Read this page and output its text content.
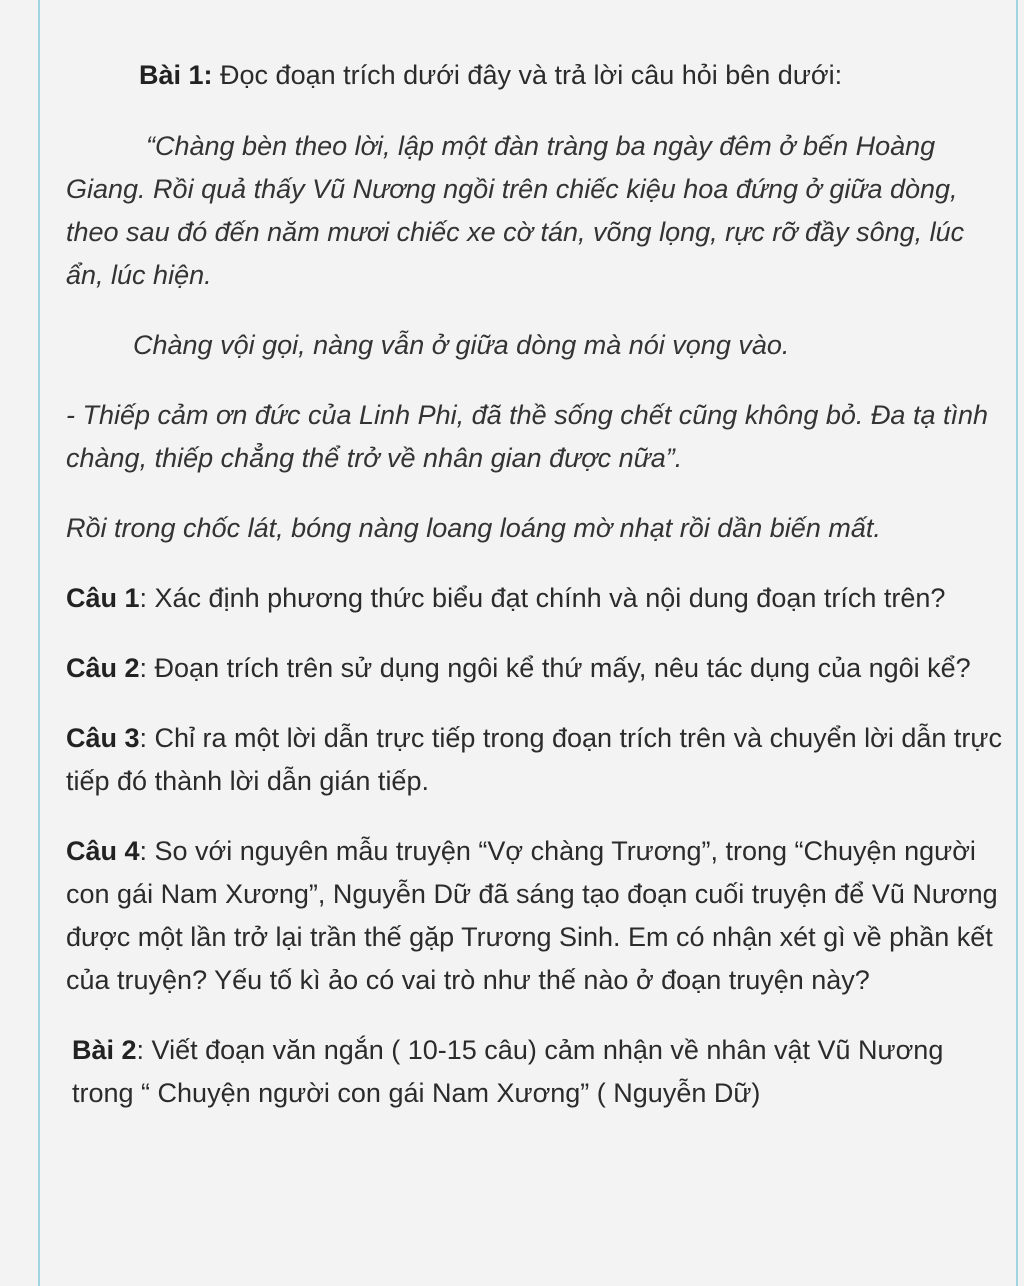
Bài 1: Đọc đoạn trích dưới đây và trả lời câu hỏi bên dưới:

“Chàng bèn theo lời, lập một đàn tràng ba ngày đêm ở bến Hoàng Giang. Rồi quả thấy Vũ Nương ngồi trên chiếc kiệu hoa đứng ở giữa dòng, theo sau đó đến năm mươi chiếc xe cờ tán, võng lọng, rực rỡ đầy sông, lúc ẩn, lúc hiện.

Chàng vội gọi, nàng vẫn ở giữa dòng mà nói vọng vào.

- Thiếp cảm ơn đức của Linh Phi, đã thề sống chết cũng không bỏ. Đa tạ tình chàng, thiếp chẳng thể trở về nhân gian được nữa”.

Rồi trong chốc lát, bóng nàng loang loáng mờ nhạt rồi dần biến mất.

Câu 1: Xác định phương thức biểu đạt chính và nội dung đoạn trích trên?

Câu 2: Đoạn trích trên sử dụng ngôi kể thứ mấy, nêu tác dụng của ngôi kể?

Câu 3: Chỉ ra một lời dẫn trực tiếp trong đoạn trích trên và chuyển lời dẫn trực tiếp đó thành lời dẫn gián tiếp.

Câu 4: So với nguyên mẫu truyện “Vợ chàng Trương”, trong “Chuyện người con gái Nam Xương”, Nguyễn Dữ đã sáng tạo đoạn cuối truyện để Vũ Nương được một lần trở lại trần thế gặp Trương Sinh. Em có nhận xét gì về phần kết của truyện? Yếu tố kì ảo có vai trò như thế nào ở đoạn truyện này?

Bài 2: Viết đoạn văn ngắn ( 10-15 câu) cảm nhận về nhân vật Vũ Nương trong “ Chuyện người con gái Nam Xương” ( Nguyễn Dữ)
